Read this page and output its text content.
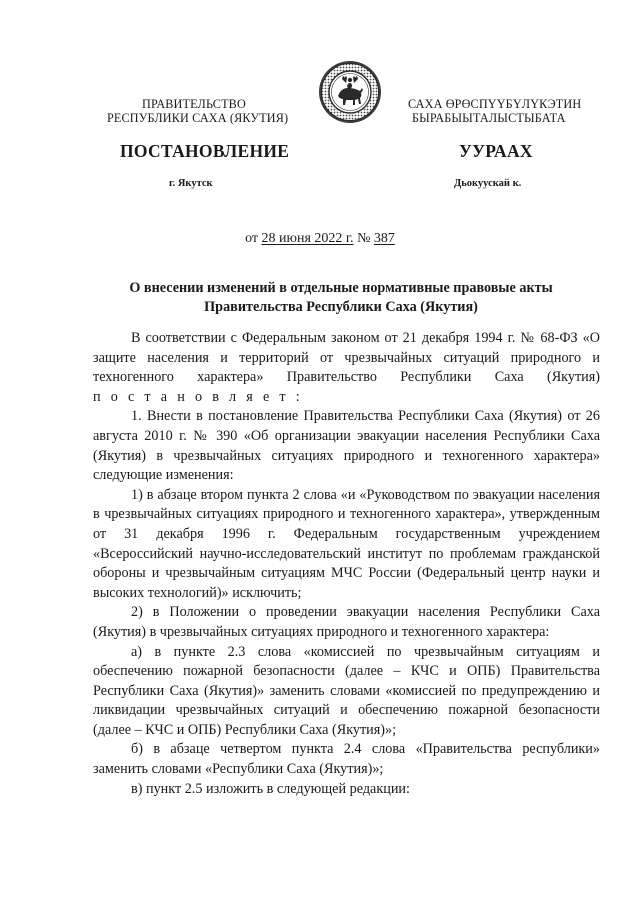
ПРАВИТЕЛЬСТВО
РЕСПУБЛИКИ САХА (ЯКУТИЯ)
САХА ӨРӨСПҮҮБҮЛҮКЭТИН
БЫРАБЫЫТАЛЫСТЫБАТА
ПОСТАНОВЛЕНИЕ	УУРААХ
г. Якутск	Дьокуускай к.
от 28 июня 2022 г. № 387
О внесении изменений в отдельные нормативные правовые акты
Правительства Республики Саха (Якутия)

В соответствии с Федеральным законом от 21 декабря 1994 г. № 68-ФЗ «О защите населения и территорий от чрезвычайных ситуаций природного и техногенного характера» Правительство Республики Саха (Якутия)

п о с т а н о в л я е т :

1. Внести в постановление Правительства Республики Саха (Якутия) от 26 августа 2010 г. № 390 «Об организации эвакуации населения Республики Саха (Якутия) в чрезвычайных ситуациях природного и техногенного характера» следующие изменения:

1) в абзаце втором пункта 2 слова «и «Руководством по эвакуации населения в чрезвычайных ситуациях природного и техногенного характера», утвержденным от 31 декабря 1996 г. Федеральным государственным учреждением «Всероссийский научно-исследовательский институт по проблемам гражданской обороны и чрезвычайным ситуациям МЧС России (Федеральный центр науки и высоких технологий)» исключить;

2) в Положении о проведении эвакуации населения Республики Саха (Якутия) в чрезвычайных ситуациях природного и техногенного характера:

а) в пункте 2.3 слова «комиссией по чрезвычайным ситуациям и обеспечению пожарной безопасности (далее – КЧС и ОПБ) Правительства Республики Саха (Якутия)» заменить словами «комиссией по предупреждению и ликвидации чрезвычайных ситуаций и обеспечению пожарной безопасности (далее – КЧС и ОПБ) Республики Саха (Якутия)»;

б) в абзаце четвертом пункта 2.4 слова «Правительства республики» заменить словами «Республики Саха (Якутия)»;

в) пункт 2.5 изложить в следующей редакции:
